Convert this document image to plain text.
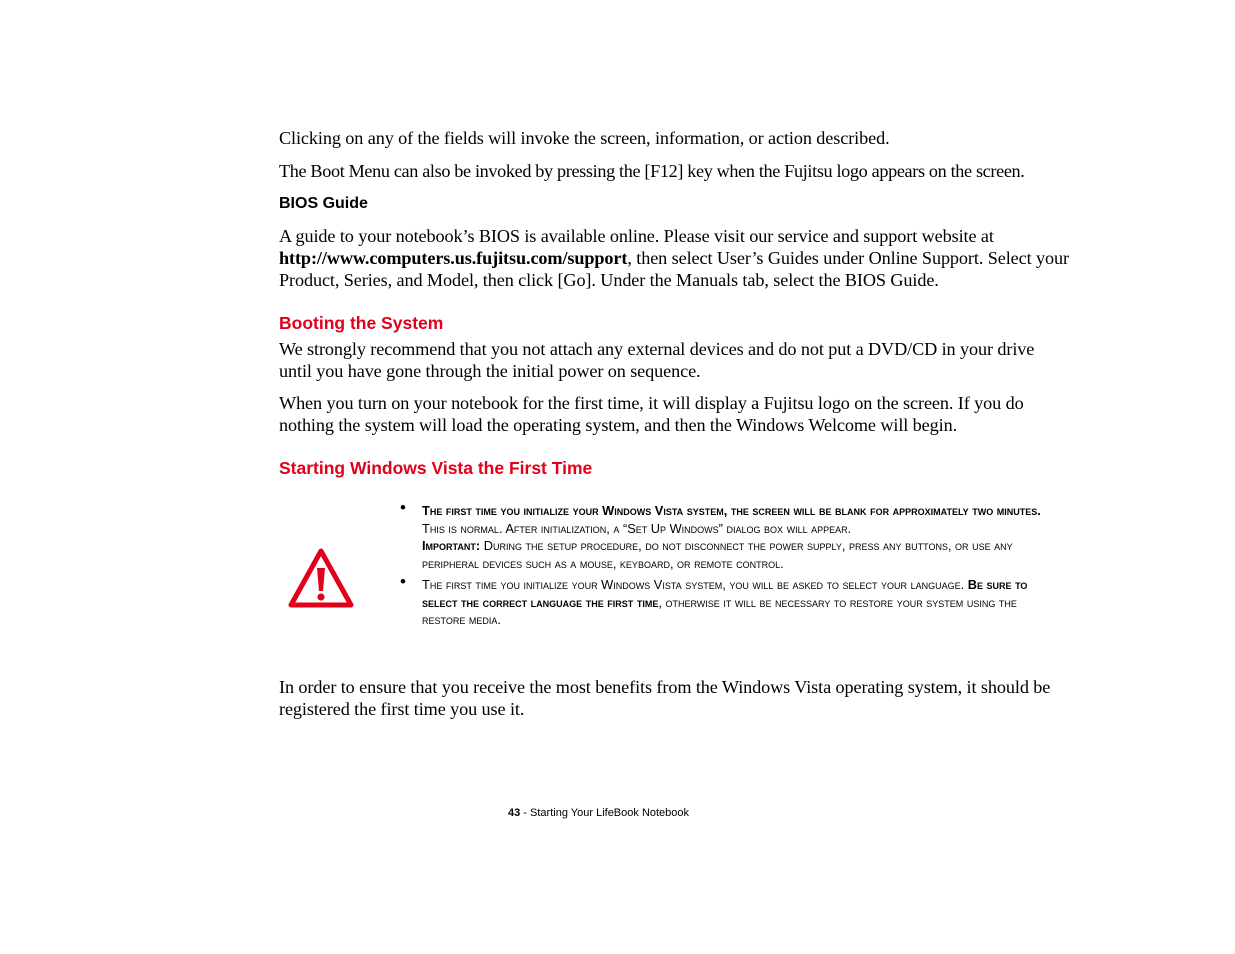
Clicking on any of the fields will invoke the screen, information, or action described.

The Boot Menu can also be invoked by pressing the [F12] key when the Fujitsu logo appears on the screen.

BIOS Guide

A guide to your notebook’s BIOS is available online. Please visit our service and support website at http://www.computers.us.fujitsu.com/support, then select User’s Guides under Online Support. Select your Product, Series, and Model, then click [Go]. Under the Manuals tab, select the BIOS Guide.

Booting the System

We strongly recommend that you not attach any external devices and do not put a DVD/CD in your drive until you have gone through the initial power on sequence.

When you turn on your notebook for the first time, it will display a Fujitsu logo on the screen. If you do nothing the system will load the operating system, and then the Windows Welcome will begin.

Starting Windows Vista the First Time
• The first time you initialize your Windows Vista system, the screen will be blank for approximately two minutes. This is normal. After initialization, a “Set Up Windows” dialog box will appear.
Important: During the setup procedure, do not disconnect the power supply, press any buttons, or use any peripheral devices such as a mouse, keyboard, or remote control.
• The first time you initialize your Windows Vista system, you will be asked to select your language. Be sure to select the correct language the first time, otherwise it will be necessary to restore your system using the restore media.

In order to ensure that you receive the most benefits from the Windows Vista operating system, it should be registered the first time you use it.

43 - Starting Your LifeBook Notebook
